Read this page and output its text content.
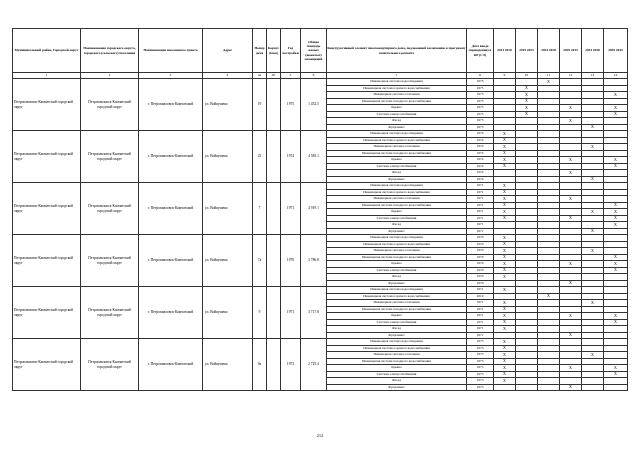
Муниципальный район, Городской округ	Наименование городского округа, городского (сельского) поселения	Наименование населенного пункта	Адрес	Номер дома	Корпус (блок)	Год постройки	Общая площадь жилых (нежилых) помещений	Конструктивный элемент многоквартирного дома, подлежащий включению в программу капитального ремонта	Дата ввода (проведения) в КР (СЭ)	2014 2018	2019 2023	2024 2028	2029 2033	2034 2038	2039 2043
1	2	3	4	4а	4б	5	6	7	8	9	10	11	12	13	14
Петропавловск-Камчатский городской округ	Петропавловск-Камчатский городской округ	г. Петропавловск-Камчатский	ул. Войцешека	19		1975	1 452.5	Инженерная система водоотведения	1975			X			
								Инженерная система горячего водоснабжения	1975		X				
								Инженерная система отопления	1975		X				X
								Инженерная система холодного водоснабжения	1975		X				
								Крыша	1975		X		X		X
								Система электроснабжения	1975		X				X
								Фасад	1975				X		
								Фундамент	1975					X	
Петропавловск-Камчатский городской округ	Петропавловск-Камчатский городской округ	г. Петропавловск-Камчатский	ул. Войцешека	23		1974	4 583.1	Инженерная система водоотведения	1974	X					
								Инженерная система горячего водоснабжения	1974	X					
								Инженерная система отопления	1974	X				X	
								Инженерная система холодного водоснабжения	1974	X					
								Крыша	1974	X			X		X
								Система электроснабжения	1974	X					X
								Фасад	1974				X		
								Фундамент	1974					X	
Петропавловск-Камчатский городской округ	Петропавловск-Камчатский городской округ	г. Петропавловск-Камчатский	ул. Войцешека	7		1971	4 919.1	Инженерная система водоотведения	1971	X					
								Инженерная система горячего водоснабжения	1971	X					
								Инженерная система отопления	1971	X			X		
								Инженерная система холодного водоснабжения	1971	X					X
								Крыша	1971	X				X	X
								Система электроснабжения	1971	X			X		X
								Фасад	1971						X
								Фундамент	1971					X	
Петропавловск-Камчатский городской округ	Петропавловск-Камчатский городской округ	г. Петропавловск-Камчатский	ул. Войцешека	7а		1970	3 786.8	Инженерная система водоотведения	1970	X					
								Инженерная система горячего водоснабжения	1970	X					
								Инженерная система отопления	1970	X				X	
								Инженерная система холодного водоснабжения	1970	X					X
								Крыша	1970	X			X		X
								Система электроснабжения	1970	X					X
								Фасад	1970	X					
								Фундамент	1970				X		
Петропавловск-Камчатский городской округ	Петропавловск-Камчатский городской округ	г. Петропавловск-Камчатский	ул. Войцешека	9		1971	3 717.8	Инженерная система водоотведения	1971	X					
								Инженерная система горячего водоснабжения	2010			X			
								Инженерная система отопления	1971	X				X	
								Инженерная система холодного водоснабжения	1971	X					
								Крыша	1971	X			X		X
								Система электроснабжения	1971	X					X
								Фасад	1971	X					
								Фундамент	1971				X		
Петропавловск-Камчатский городской округ	Петропавловск-Камчатский городской округ	г. Петропавловск-Камчатский	ул. Войцешека	9а		1973	2 725.4	Инженерная система водоотведения	1973	X					
								Инженерная система горячего водоснабжения	1973	X					
								Инженерная система отопления	1973	X				X	
								Инженерная система холодного водоснабжения	1973	X					
								Крыша	1973	X			X		X
								Система электроснабжения	1973	X					X
								Фасад	1973	X					
								Фундамент	1973				X		
212
